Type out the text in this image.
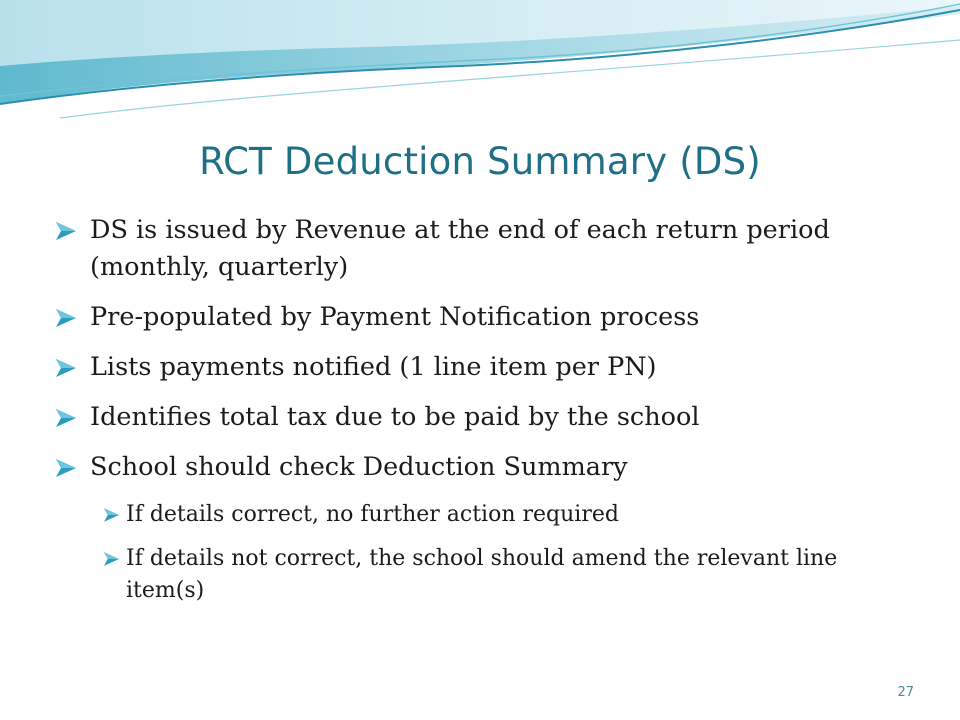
RCT Deduction Summary (DS)
DS is issued by Revenue at the end of each return period (monthly, quarterly)
Pre-populated by Payment Notification process
Lists payments notified (1 line item per PN)
Identifies total tax due to be paid by the school
School should check Deduction Summary
If details correct, no further action required
If details not correct, the school should amend the relevant line item(s)
27
